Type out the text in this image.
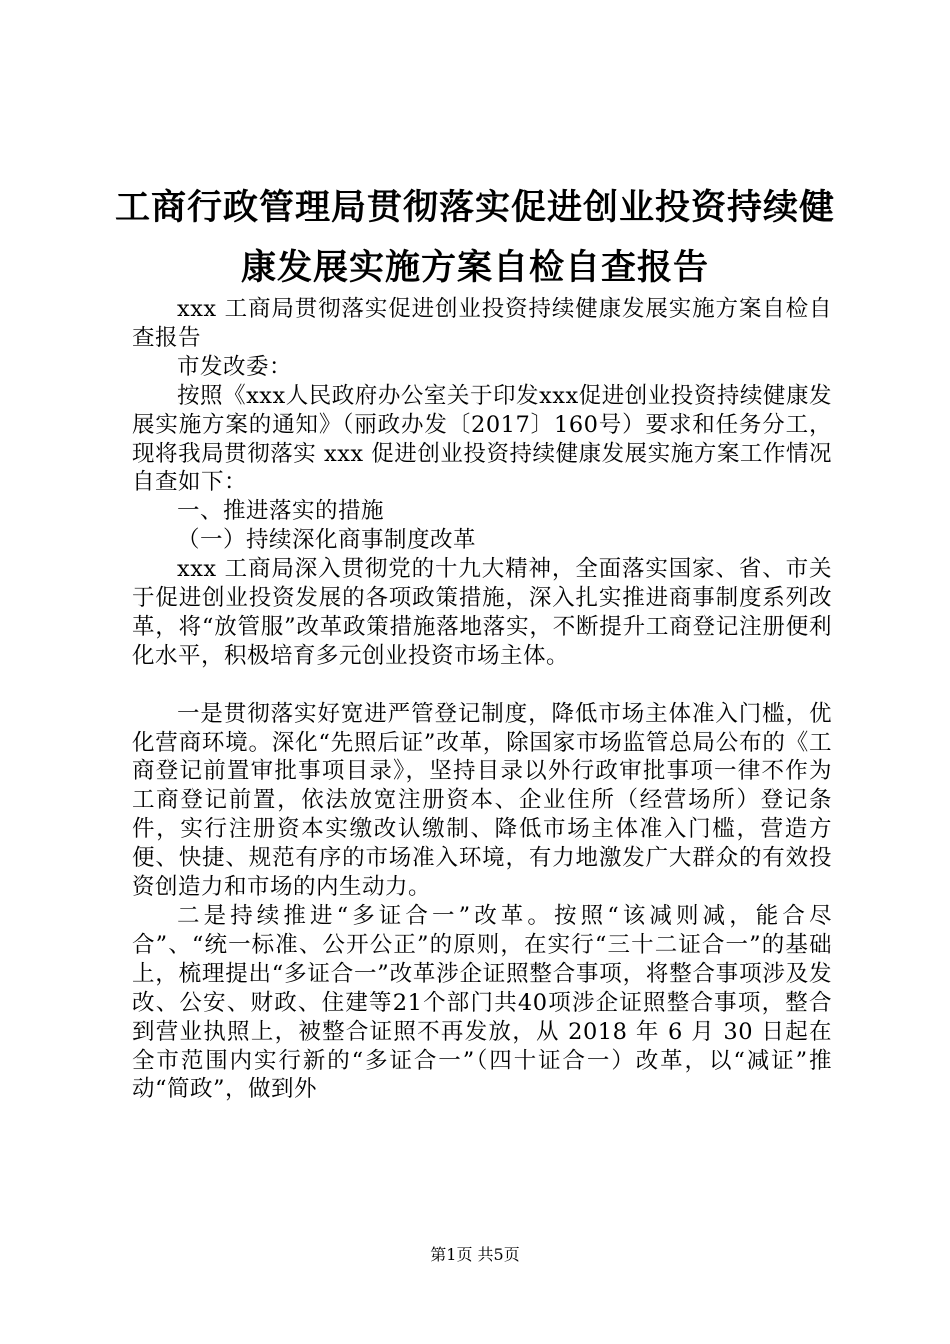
工商行政管理局贯彻落实促进创业投资持续健
康发展实施方案自检自查报告

xxx 工商局贯彻落实促进创业投资持续健康发展实施方案自检自查报告

市发改委：

按照《xxx人民政府办公室关于印发xxx促进创业投资持续健康发展实施方案的通知》（丽政办发〔2017〕160号）要求和任务分工，现将我局贯彻落实 xxx 促进创业投资持续健康发展实施方案工作情况自查如下：

一、推进落实的措施

（一）持续深化商事制度改革

xxx 工商局深入贯彻党的十九大精神，全面落实国家、省、市关于促进创业投资发展的各项政策措施，深入扎实推进商事制度系列改革，将“放管服”改革政策措施落地落实，不断提升工商登记注册便利化水平，积极培育多元创业投资市场主体。

一是贯彻落实好宽进严管登记制度，降低市场主体准入门槛，优化营商环境。深化“先照后证”改革，除国家市场监管总局公布的《工商登记前置审批事项目录》，坚持目录以外行政审批事项一律不作为工商登记前置，依法放宽注册资本、企业住所（经营场所）登记条件，实行注册资本实缴改认缴制、降低市场主体准入门槛，营造方便、快捷、规范有序的市场准入环境，有力地激发广大群众的有效投资创造力和市场的内生动力。

二是持续推进“多证合一”改革。按照“该减则减，能合尽合”、“统一标准、公开公正”的原则，在实行“三十二证合一”的基础上，梳理提出“多证合一”改革涉企证照整合事项，将整合事项涉及发改、公安、财政、住建等21个部门共40项涉企证照整合事项，整合到营业执照上，被整合证照不再发放，从 2018 年 6 月 30 日起在全市范围内实行新的“多证合一”（四十证合一）改革，以“减证”推动“简政”，做到外

第1页 共5页
